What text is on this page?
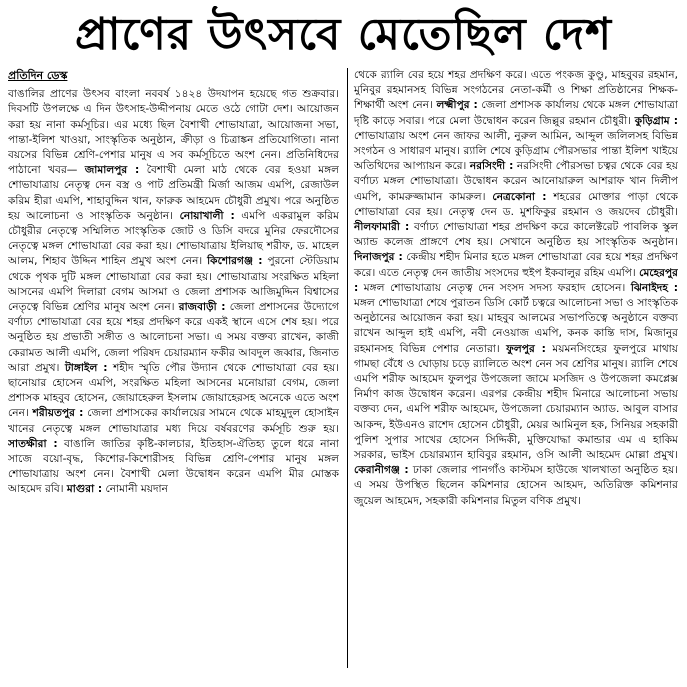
প্রাণের উৎসবে মেতেছিল দেশ
প্রতিদিন ডেস্ক

বাঙালির প্রাণের উৎসব বাংলা নববর্ষ ১৪২৪ উদযাপন হয়েছে গত শুক্রবার। দিবসটি উপলক্ষে এ দিন উৎসাহ-উদ্দীপনায় মেতে ওঠে গোটা দেশ। আয়োজন করা হয় নানা কর্মসূচির। এর মধ্যে ছিল বৈশাখী শোভাযাত্রা, আয়োজনা সভা, পান্তা-ইলিশ খাওয়া, সাংস্কৃতিক অনুষ্ঠান, ক্রীড়া ও চিত্রাঙ্কন প্রতিযোগিতা। নানা বয়সের বিভিন্ন শ্রেণি-পেশার মানুষ এ সব কর্মসূচিতে অংশ নেন। প্রতিনিধিদের পাঠানো খবর— জামালপুর : বৈশাখী মেলা মাঠ থেকে বের হওয়া মঙ্গল শোভাযাত্রায় নেতৃত্ব দেন বস্ত্র ও পাট প্রতিমন্ত্রী মির্জা আজম এমপি, রেজাউল করিম হীরা এমপি, শাহাবুদ্দিন খান, ফারুক আহমেদ চৌধুরী প্রমুখ। পরে অনুষ্ঠিত হয় আলোচনা ও সাংস্কৃতিক অনুষ্ঠান। নোয়াখালী : এমপি একরামুল করিম চৌধুরীর নেতৃত্বে সম্মিলিত সাংস্কৃতিক জোট ও ডিসি বদরে মুনির ফেরদৌসের নেতৃত্বে মঙ্গল শোভাযাত্রা বের করা হয়। শোভাযাত্রায় ইলিয়াছ শরীফ, ড. মাহেল আলম, শিহাব উদ্দিন শাহিন প্রমুখ অংশ নেন। কিশোরগঞ্জ : পুরনো স্টেডিয়াম থেকে পৃথক দুটি মঙ্গল শোভাযাত্রা বের করা হয়। শোভাযাত্রায় সংরক্ষিত মহিলা আসনের এমপি দিলারা বেগম আসমা ও জেলা প্রশাসক আজিমুদ্দিন বিশ্বাসের নেতৃত্বে বিভিন্ন শ্রেণির মানুষ অংশ নেন। রাজবাড়ী : জেলা প্রশাসনের উদ্যোগে বর্ণাঢ্য শোভাযাত্রা বের হয়ে শহর প্রদক্ষিণ করে একই স্থানে এসে শেষ হয়। পরে অনুষ্ঠিত হয় প্রভাতী সঙ্গীত ও আলোচনা সভা। এ সময় বক্তব্য রাখেন, কাজী কেরামত আলী এমপি, জেলা পরিষদ চেয়ারম্যান ফকীর আবদুল জব্বার, জিনাত আরা প্রমুখ। টাঙ্গাইল : শহীদ স্মৃতি পৌর উদ্যান থেকে শোভাযাত্রা বের হয়। ছানোয়ার হোসেন এমপি, সংরক্ষিত মহিলা আসনের মনোয়ারা বেগম, জেলা প্রশাসক মাহবুব হোসেন, জোয়াহেরুল ইসলাম জোয়াহেরসহ অনেকে এতে অংশ নেন। শরীয়তপুর : জেলা প্রশাসকের কার্যালয়ের সামনে থেকে মাহমুদুল হোসাইন খানের নেতৃত্বে মঙ্গল শোভাযাত্রার মধ্য দিয়ে বর্ষবরণের কর্মসূচি শুরু হয়। সাতক্ষীরা : বাঙালি জাতির কৃষ্টি-কালচার, ইতিহাস-ঐতিহ্য তুলে ধরে নানা সাজে বয়ো-বৃদ্ধ, কিশোর-কিশোরীসহ বিভিন্ন শ্রেণি-পেশার মানুষ মঙ্গল শোভাযাত্রায় অংশ নেন। বৈশাখী মেলা উদ্বোধন করেন এমপি মীর মোস্তক আহমেদ রবি। মাগুরা : নোমানী ময়দান

থেকে র‍্যালি বের হয়ে শহর প্রদক্ষিণ করে। এতে পংকজ কুণ্ডু, মাহবুবর রহমান, মুনিবুর রহমানসহ বিভিন্ন সংগঠনের নেতা-কর্মী ও শিক্ষা প্রতিষ্ঠানের শিক্ষক-শিক্ষার্থী অংশ নেন। লক্ষ্মীপুর : জেলা প্রশাসক কার্যালয় থেকে মঙ্গল শোভাযাত্রা দৃষ্টি কাড়ে সবার। পরে মেলা উদ্বোধন করেন জিল্লুর রহমান চৌধুরী। কুড়িগ্রাম : শোভাযাত্রায় অংশ নেন জাফর আলী, নুরুল আমিন, আব্দুল জলিলসহ বিভিন্ন সংগঠন ও সাধারণ মানুষ। র‍্যালি শেষে কুড়িগ্রাম পৌরসভার পান্তা ইলিশ খাইয়ে অতিথিদের আপ্যায়ন করে। নরসিংদী : নরসিংদী পৌরসভা চত্বর থেকে বের হয় বর্ণাঢ্য মঙ্গল শোভাযাত্রা। উদ্বোধন করেন আনোয়ারুল আশরাফ খান দিলীপ এমপি, কামরুজ্জামান কামরুল। নেত্রকোনা : শহরের মোক্তার পাড়া থেকে শোভাযাত্রা বের হয়। নেতৃত্ব দেন ড. মুশফিকুর রহমান ও জয়দেব চৌধুরী। নীলফামারী : বর্ণাঢ্য শোভাযাত্রা শহর প্রদক্ষিণ করে কালেক্টরেট পাবলিক স্কুল অ্যান্ড কলেজ প্রাঙ্গণে শেষ হয়। সেখানে অনুষ্ঠিত হয় সাংস্কৃতিক অনুষ্ঠান। দিনাজপুর : কেন্দ্রীয় শহীদ মিনার হতে মঙ্গল শোভাযাত্রা বের হয়ে শহর প্রদক্ষিণ করে। এতে নেতৃত্ব দেন জাতীয় সংসদের হুইপ ইকবালুর রহিম এমপি। মেহেরপুর : মঙ্গল শোভাযাত্রায় নেতৃত্ব দেন সংসদ সদস্য ফরহাদ হোসেন। ঝিনাইদহ : মঙ্গল শোভাযাত্রা শেষে পুরাতন ডিসি কোর্ট চত্বরে আলোচনা সভা ও সাংস্কৃতিক অনুষ্ঠানের আয়োজন করা হয়। মাহবুব আলমের সভাপতিত্বে অনুষ্ঠানে বক্তব্য রাখেন আব্দুল হাই এমপি, নবী নেওয়াজ এমপি, কনক কান্তি দাস, মিজানুর রহমানসহ বিভিন্ন পেশার নেতারা। ফুলপুর : ময়মনসিংহের ফুলপুরে মাথায় গামছা বেঁধে ও ঘোড়ায় চড়ে র‍্যালিতে অংশ নেন সব শ্রেণির মানুষ। র‍্যালি শেষে এমপি শরীফ আহমেদ ফুলপুর উপজেলা জামে মসজিদ ও উপজেলা কমপ্লেক্স নির্মাণ কাজ উদ্বোধন করেন। এরপর কেন্দ্রীয় শহীদ মিনারে আলোচনা সভায় বক্তব্য দেন, এমপি শরীফ আহমেদ, উপজেলা চেয়ারম্যান অ্যাড. আবুল বাসার আকন্দ, ইউএনও রাশেদ হোসেন চৌধুরী, মেয়র আমিনুল হক, সিনিয়র সহকারী পুলিশ সুপার সাখের হোসেন সিদ্দিকী, মুক্তিযোদ্ধা কমান্ডার এম এ হাকিম সরকার, ভাইস চেয়ারম্যান হাবিবুর রহমান, ওসি আলী আহমেদ মোল্লা প্রমুখ। কেরানীগঞ্জ : ঢাকা জেলার পানগাঁও কাস্টমস হাউজে খালখাতা অনুষ্ঠিত হয়। এ সময় উপস্থিত ছিলেন কমিশনার হোসেন আহমদ, অতিরিক্ত কমিশনার জুয়েল আহমেদ, সহকারী কমিশনার মিতুল বণিক প্রমুখ।
